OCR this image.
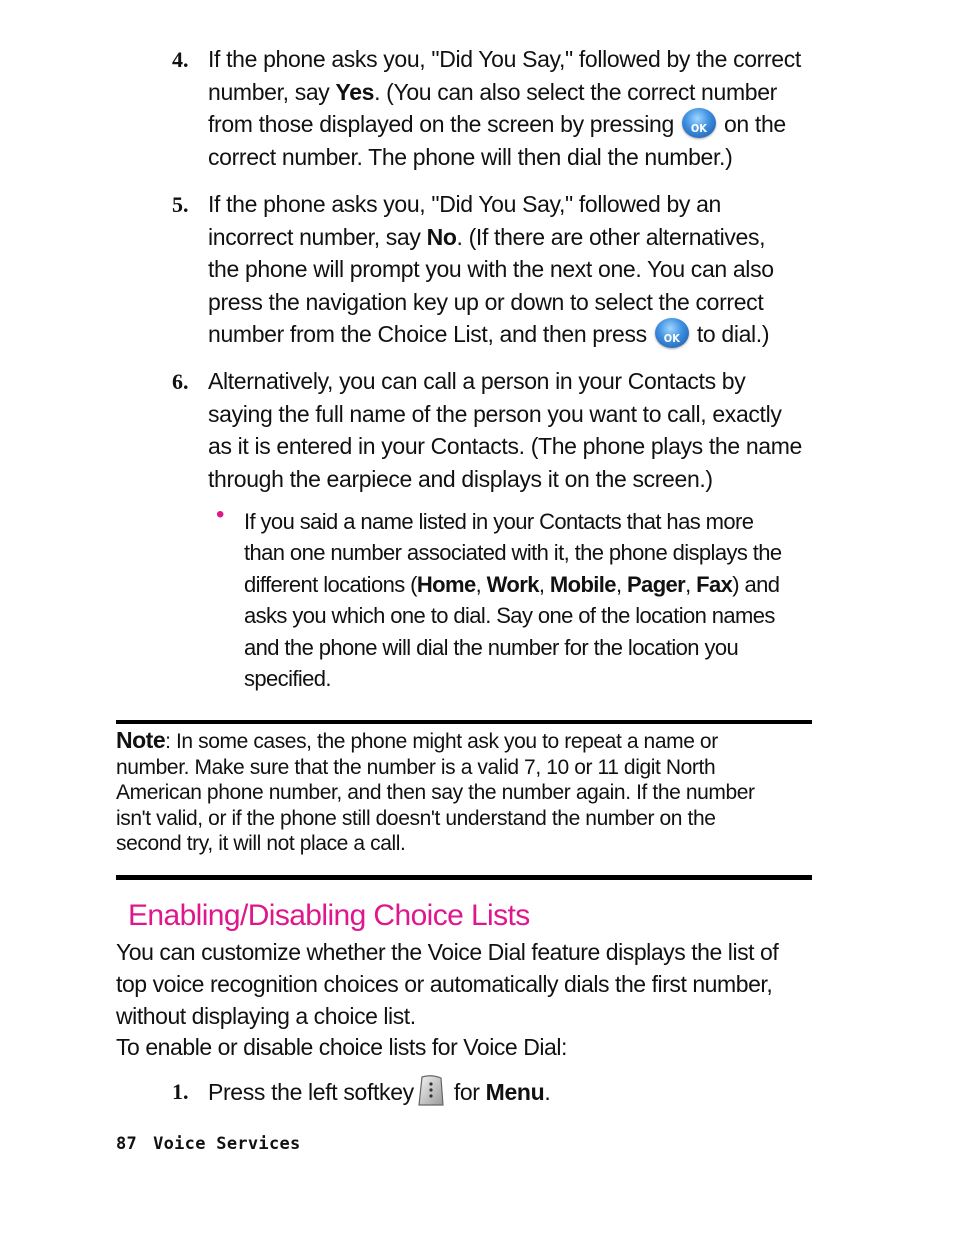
4. If the phone asks you, "Did You Say," followed by the correct
number, say Yes. (You can also select the correct number
from those displayed on the screen by pressing OK on the
correct number. The phone will then dial the number.)
5. If the phone asks you, "Did You Say," followed by an
incorrect number, say No. (If there are other alternatives,
the phone will prompt you with the next one. You can also
press the navigation key up or down to select the correct
number from the Choice List, and then press OK to dial.)
6. Alternatively, you can call a person in your Contacts by
saying the full name of the person you want to call, exactly
as it is entered in your Contacts. (The phone plays the name
through the earpiece and displays it on the screen.)
• If you said a name listed in your Contacts that has more
than one number associated with it, the phone displays the
different locations (Home, Work, Mobile, Pager, Fax) and
asks you which one to dial. Say one of the location names
and the phone will dial the number for the location you
specified.
Note: In some cases, the phone might ask you to repeat a name or
number. Make sure that the number is a valid 7, 10 or 11 digit North
American phone number, and then say the number again. If the number
isn't valid, or if the phone still doesn't understand the number on the
second try, it will not place a call.
Enabling/Disabling Choice Lists
You can customize whether the Voice Dial feature displays the list of
top voice recognition choices or automatically dials the first number,
without displaying a choice list.
To enable or disable choice lists for Voice Dial:
1. Press the left softkey for Menu.
87 Voice Services
